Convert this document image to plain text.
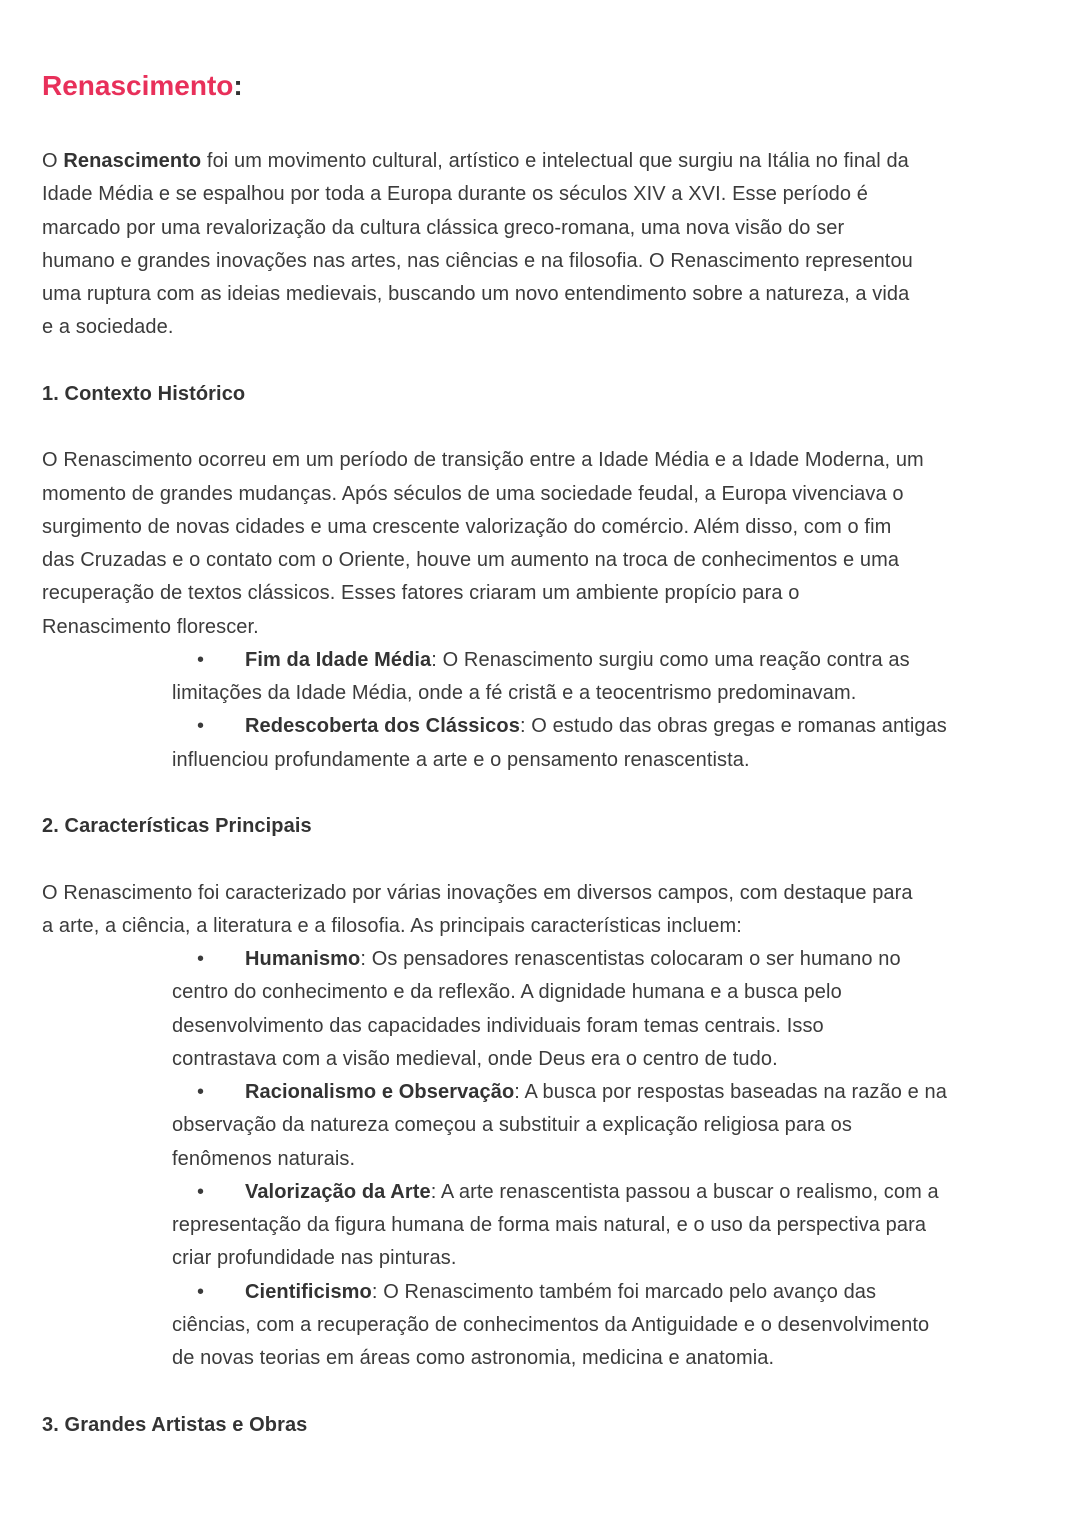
Renascimento:
O Renascimento foi um movimento cultural, artístico e intelectual que surgiu na Itália no final da
Idade Média e se espalhou por toda a Europa durante os séculos XIV a XVI. Esse período é
marcado por uma revalorização da cultura clássica greco-romana, uma nova visão do ser
humano e grandes inovações nas artes, nas ciências e na filosofia. O Renascimento representou
uma ruptura com as ideias medievais, buscando um novo entendimento sobre a natureza, a vida
e a sociedade.
1. Contexto Histórico
O Renascimento ocorreu em um período de transição entre a Idade Média e a Idade Moderna, um
momento de grandes mudanças. Após séculos de uma sociedade feudal, a Europa vivenciava o
surgimento de novas cidades e uma crescente valorização do comércio. Além disso, com o fim
das Cruzadas e o contato com o Oriente, houve um aumento na troca de conhecimentos e uma
recuperação de textos clássicos. Esses fatores criaram um ambiente propício para o
Renascimento florescer.
• Fim da Idade Média: O Renascimento surgiu como uma reação contra as
limitações da Idade Média, onde a fé cristã e a teocentrismo predominavam.
• Redescoberta dos Clássicos: O estudo das obras gregas e romanas antigas
influenciou profundamente a arte e o pensamento renascentista.
2. Características Principais
O Renascimento foi caracterizado por várias inovações em diversos campos, com destaque para
a arte, a ciência, a literatura e a filosofia. As principais características incluem:
• Humanismo: Os pensadores renascentistas colocaram o ser humano no
centro do conhecimento e da reflexão. A dignidade humana e a busca pelo
desenvolvimento das capacidades individuais foram temas centrais. Isso
contrastava com a visão medieval, onde Deus era o centro de tudo.
• Racionalismo e Observação: A busca por respostas baseadas na razão e na
observação da natureza começou a substituir a explicação religiosa para os
fenômenos naturais.
• Valorização da Arte: A arte renascentista passou a buscar o realismo, com a
representação da figura humana de forma mais natural, e o uso da perspectiva para
criar profundidade nas pinturas.
• Cientificismo: O Renascimento também foi marcado pelo avanço das
ciências, com a recuperação de conhecimentos da Antiguidade e o desenvolvimento
de novas teorias em áreas como astronomia, medicina e anatomia.
3. Grandes Artistas e Obras
